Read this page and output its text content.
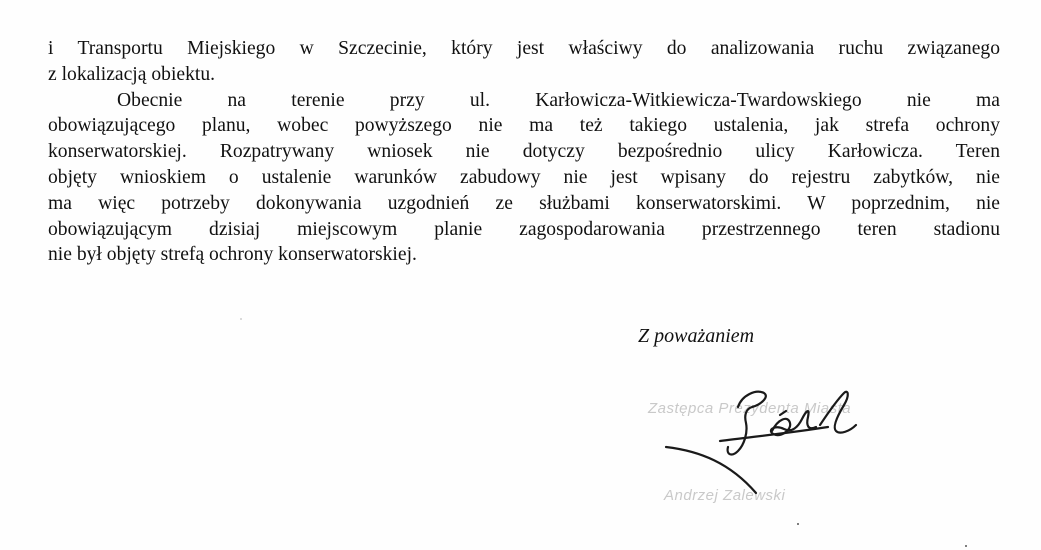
i Transportu Miejskiego w Szczecinie, który jest właściwy do analizowania ruchu związanego
z lokalizacją obiektu.
Obecnie na terenie przy ul. Karłowicza-Witkiewicza-Twardowskiego nie ma
obowiązującego planu, wobec powyższego nie ma też takiego ustalenia, jak strefa ochrony
konserwatorskiej. Rozpatrywany wniosek nie dotyczy bezpośrednio ulicy Karłowicza. Teren
objęty wnioskiem o ustalenie warunków zabudowy nie jest wpisany do rejestru zabytków, nie
ma więc potrzeby dokonywania uzgodnień ze służbami konserwatorskimi. W poprzednim, nie
obowiązującym dzisiaj miejscowym planie zagospodarowania przestrzennego teren stadionu
nie był objęty strefą ochrony konserwatorskiej.
Z poważaniem
Zastępca Prezydenta Miasta
Andrzej Zalewski
